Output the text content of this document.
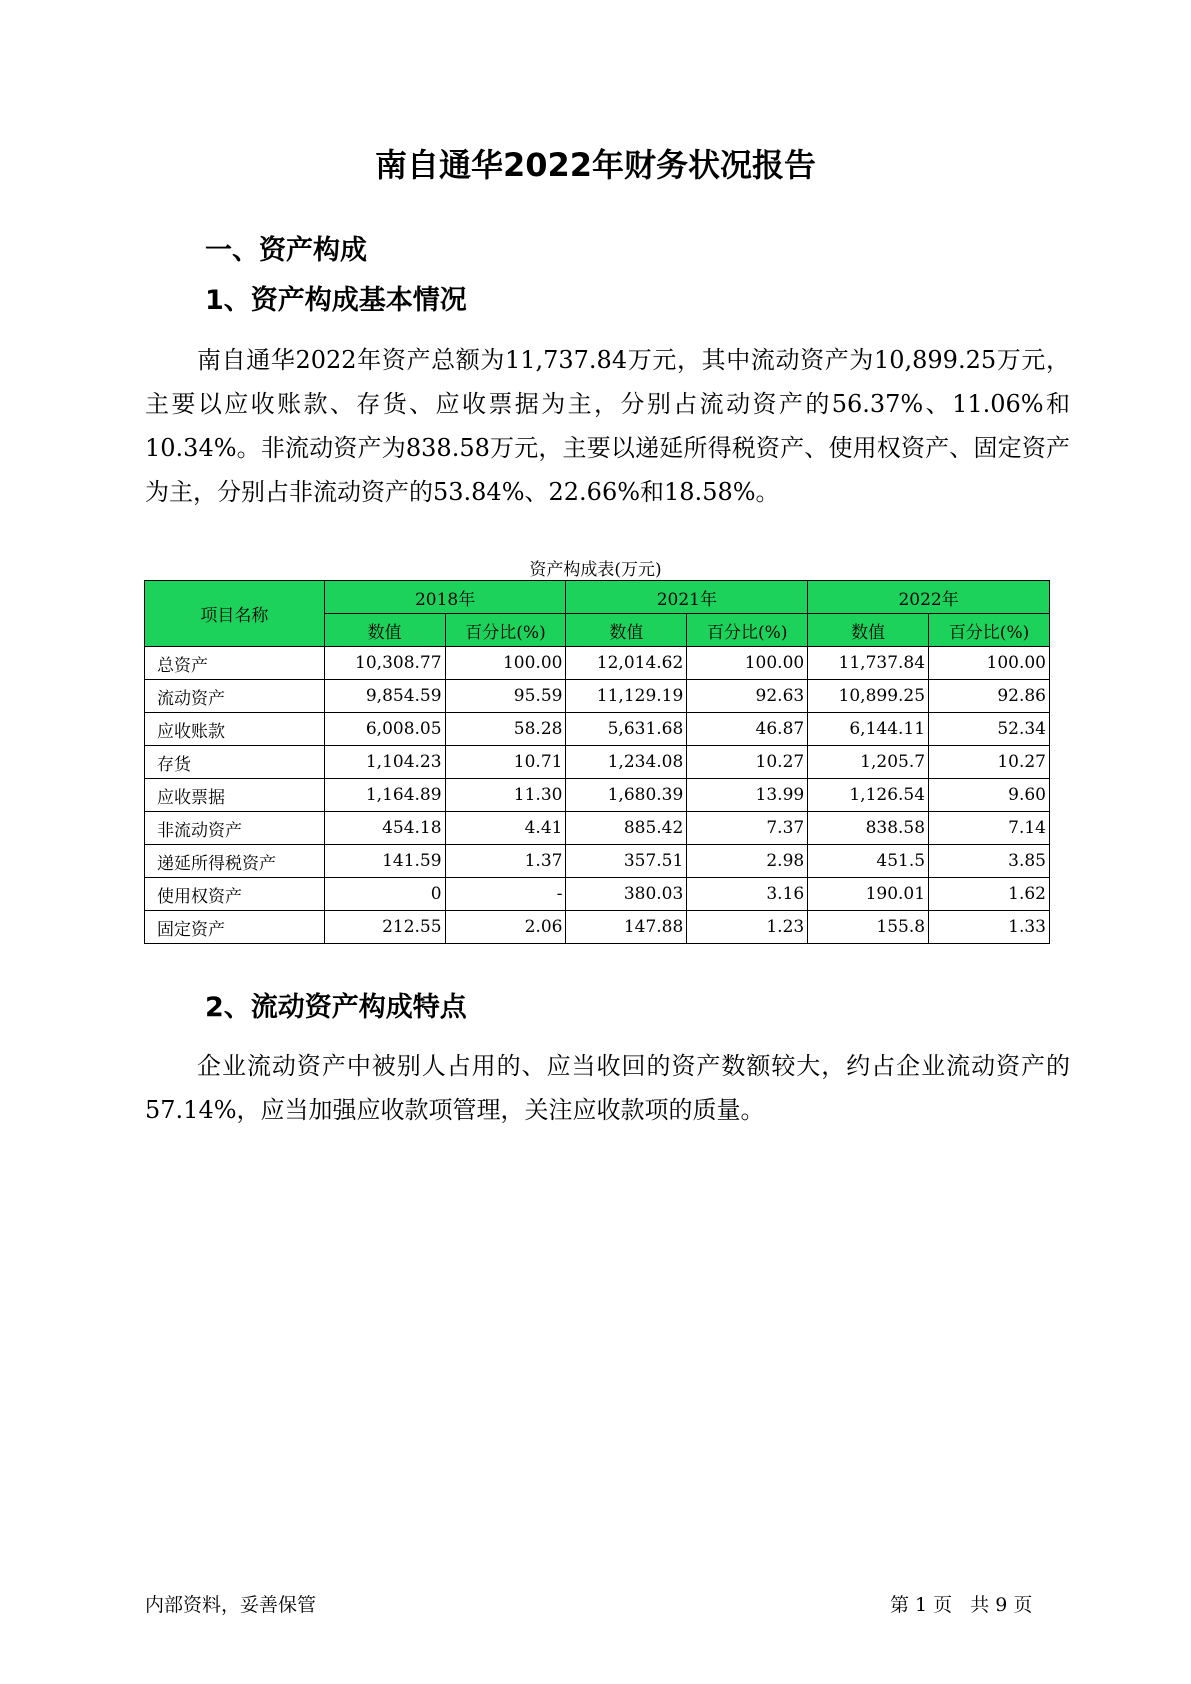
南自通华2022年财务状况报告
一、资产构成
1、资产构成基本情况

南自通华2022年资产总额为11,737.84万元，其中流动资产为10,899.25万元，主要以应收账款、存货、应收票据为主，分别占流动资产的56.37%、11.06%和10.34%。非流动资产为838.58万元，主要以递延所得税资产、使用权资产、固定资产为主，分别占非流动资产的53.84%、22.66%和18.58%。

资产构成表(万元)
项目名称	2018年		2021年		2022年	
	数值	百分比(%)	数值	百分比(%)	数值	百分比(%)
总资产	10,308.77	100.00	12,014.62	100.00	11,737.84	100.00
流动资产	9,854.59	95.59	11,129.19	92.63	10,899.25	92.86
应收账款	6,008.05	58.28	5,631.68	46.87	6,144.11	52.34
存货	1,104.23	10.71	1,234.08	10.27	1,205.7	10.27
应收票据	1,164.89	11.30	1,680.39	13.99	1,126.54	9.60
非流动资产	454.18	4.41	885.42	7.37	838.58	7.14
递延所得税资产	141.59	1.37	357.51	2.98	451.5	3.85
使用权资产	0	-	380.03	3.16	190.01	1.62
固定资产	212.55	2.06	147.88	1.23	155.8	1.33
2、流动资产构成特点

企业流动资产中被别人占用的、应当收回的资产数额较大，约占企业流动资产的57.14%，应当加强应收款项管理，关注应收款项的质量。

内部资料，妥善保管	第 1 页 共 9 页
